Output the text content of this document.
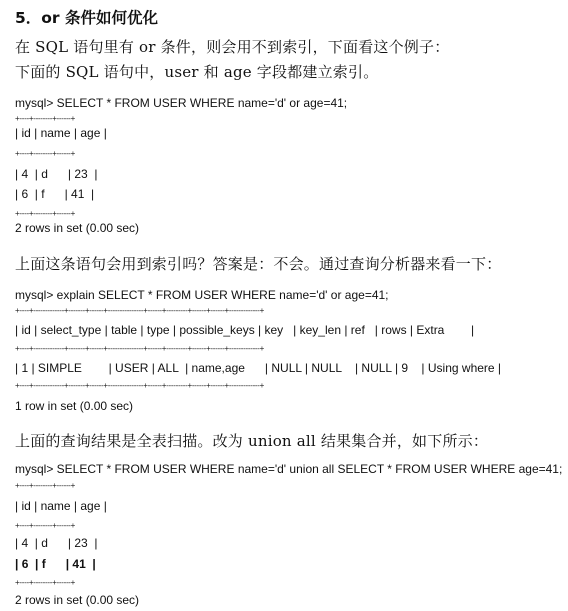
5．or 条件如何优化
在 SQL 语句里有 or 条件，则会用不到索引，下面看这个例子：
下面的 SQL 语句中，user 和 age 字段都建立索引。
mysql> SELECT * FROM USER WHERE name='d' or age=41;
+----+--------+------+
| id | name | age |
+----+--------+------+
| 4  | d      | 23  |
| 6  | f      | 41  |
+----+--------+------+
2 rows in set (0.00 sec)
上面这条语句会用到索引吗？答案是：不会。通过查询分析器来看一下：
mysql> explain SELECT * FROM USER WHERE name='d' or age=41;
+----+-------------+-------+------+---------------+------+---------+------+------+-------------+
| id | select_type | table | type | possible_keys | key   | key_len | ref   | rows | Extra        |
+----+-------------+-------+------+---------------+------+---------+------+------+-------------+
| 1 | SIMPLE        | USER | ALL  | name,age      | NULL | NULL    | NULL | 9    | Using where |
+----+-------------+-------+------+---------------+------+---------+------+------+-------------+
1 row in set (0.00 sec)
上面的查询结果是全表扫描。改为 union all 结果集合并，如下所示：
mysql> SELECT * FROM USER WHERE name='d' union all SELECT * FROM USER WHERE age=41;
+----+--------+------+
| id | name | age |
+----+--------+------+
| 4  | d      | 23  |
| 6  | f      | 41  |
+----+--------+------+
2 rows in set (0.00 sec)
